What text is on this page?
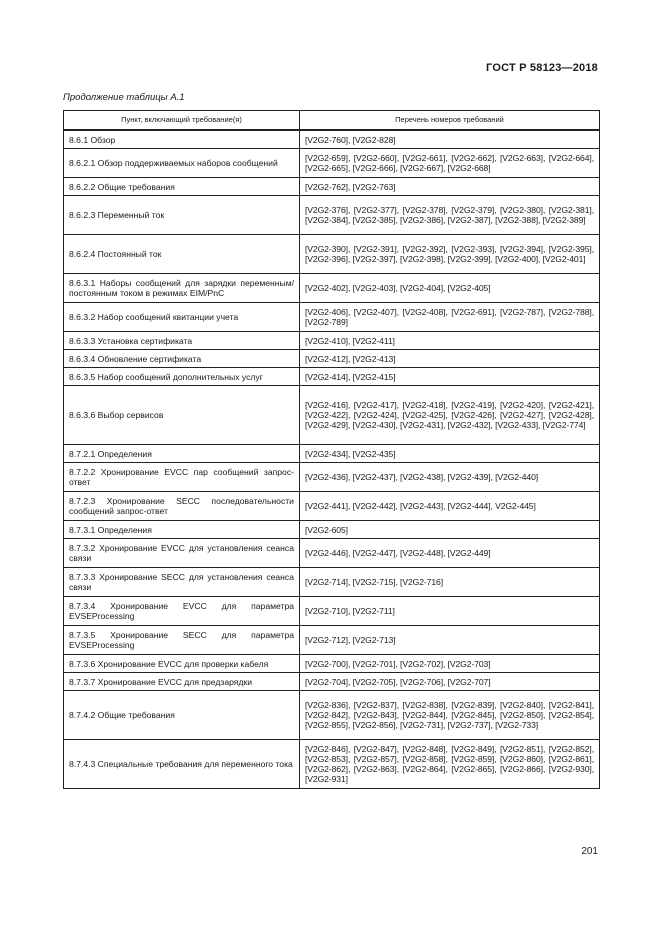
ГОСТ Р 58123—2018
Продолжение таблицы А.1
Пункт, включающий требование(я)	Перечень номеров требований
8.6.1 Обзор	[V2G2-760], [V2G2-828]
8.6.2.1 Обзор поддерживаемых наборов сообщений	[V2G2-659], [V2G2-660], [V2G2-661], [V2G2-662], [V2G2-663], [V2G2-664], [V2G2-665], [V2G2-666], [V2G2-667], [V2G2-668]
8.6.2.2 Общие требования	[V2G2-762], [V2G2-763]
8.6.2.3 Переменный ток	[V2G2-376], [V2G2-377], [V2G2-378], [V2G2-379], [V2G2-380], [V2G2-381], [V2G2-384], [V2G2-385], [V2G2-386], [V2G2-387], [V2G2-388], [V2G2-389]
8.6.2.4 Постоянный ток	[V2G2-390], [V2G2-391], [V2G2-392], [V2G2-393], [V2G2-394], [V2G2-395], [V2G2-396], [V2G2-397], [V2G2-398], [V2G2-399], [V2G2-400], [V2G2-401]
8.6.3.1 Наборы сообщений для зарядки переменным/постоянным током в режимах EIM/PnC	[V2G2-402], [V2G2-403], [V2G2-404], [V2G2-405]
8.6.3.2 Набор сообщений квитанции учета	[V2G2-406], [V2G2-407], [V2G2-408], [V2G2-691], [V2G2-787], [V2G2-788], [V2G2-789]
8.6.3.3 Установка сертификата	[V2G2-410], [V2G2-411]
8.6.3.4 Обновление сертификата	[V2G2-412], [V2G2-413]
8.6.3.5 Набор сообщений дополнительных услуг	[V2G2-414], [V2G2-415]
8.6.3.6 Выбор сервисов	[V2G2-416], [V2G2-417], [V2G2-418], [V2G2-419], [V2G2-420], [V2G2-421], [V2G2-422], [V2G2-424], [V2G2-425], [V2G2-426], [V2G2-427], [V2G2-428], [V2G2-429], [V2G2-430], [V2G2-431], [V2G2-432], [V2G2-433], [V2G2-774]
8.7.2.1 Определения	[V2G2-434], [V2G2-435]
8.7.2.2 Хронирование EVCC пар сообщений запрос-ответ	[V2G2-436], [V2G2-437], [V2G2-438], [V2G2-439], [V2G2-440]
8.7.2.3 Хронирование SECC последовательности сообщений запрос-ответ	[V2G2-441], [V2G2-442], [V2G2-443], [V2G2-444], V2G2-445]
8.7.3.1 Определения	[V2G2-605]
8.7.3.2 Хронирование EVCC для установления сеанса связи	[V2G2-446], [V2G2-447], [V2G2-448], [V2G2-449]
8.7.3.3 Хронирование SECC для установления сеанса связи	[V2G2-714], [V2G2-715], [V2G2-716]
8.7.3.4 Хронирование EVCC для параметра EVSEProcessing	[V2G2-710], [V2G2-711]
8.7.3.5 Хронирование SECC для параметра EVSEProcessing	[V2G2-712], [V2G2-713]
8.7.3.6 Хронирование EVCC для проверки кабеля	[V2G2-700], [V2G2-701], [V2G2-702], [V2G2-703]
8.7.3.7 Хронирование EVCC для предзарядки	[V2G2-704], [V2G2-705], [V2G2-706], [V2G2-707]
8.7.4.2 Общие требования	[V2G2-836], [V2G2-837], [V2G2-838], [V2G2-839], [V2G2-840], [V2G2-841], [V2G2-842], [V2G2-843], [V2G2-844], [V2G2-845], [V2G2-850], [V2G2-854], [V2G2-855], [V2G2-856], [V2G2-731], [V2G2-737], [V2G2-733]
8.7.4.3 Специальные требования для переменного тока	[V2G2-846], [V2G2-847], [V2G2-848], [V2G2-849], [V2G2-851], [V2G2-852], [V2G2-853], [V2G2-857], [V2G2-858], [V2G2-859], [V2G2-860], [V2G2-861], [V2G2-862], [V2G2-863], [V2G2-864], [V2G2-865], [V2G2-866], [V2G2-930], [V2G2-931]
201
